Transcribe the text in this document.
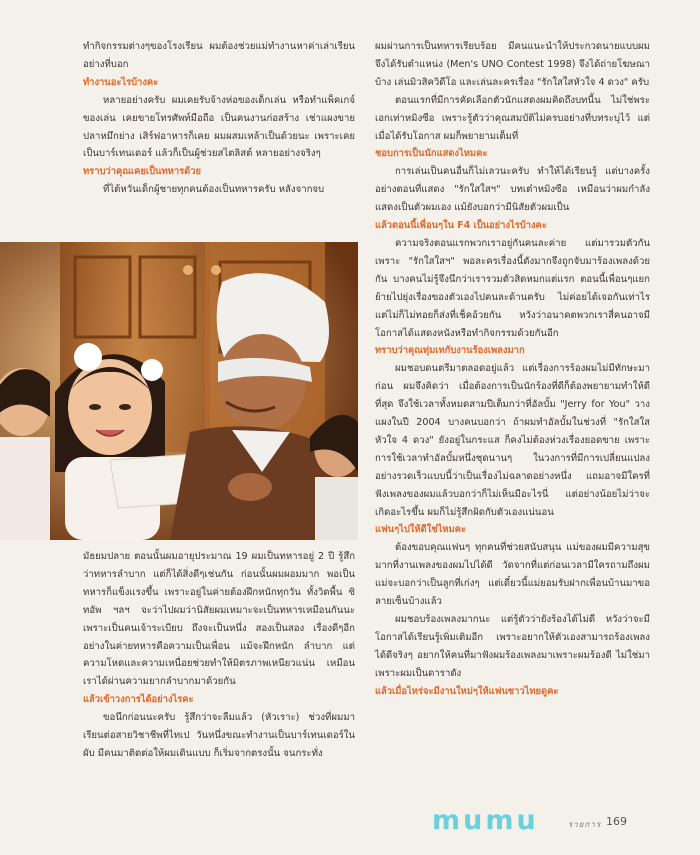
ทำกิจกรรมต่างๆของโรงเรียน ผมต้องช่วยแม่ทำงานหาค่าเล่าเรียนอย่างที่บอก

ทำงานอะไรบ้างคะ

หลายอย่างครับ ผมเคยรับจ้างห่อของเด็กเล่น หรือทำแพ็คเกจ์ของเล่น เคยขายโทรศัพท์มือถือ เป็นคนงานก่อสร้าง เช่าแผงขายปลาหมึกย่าง เสิร์ฟอาหารก็เคย ผมผสมเหล้าเป็นด้วยนะ เพราะเคยเป็นบาร์เทนเดอร์ แล้วก็เป็นผู้ช่วยสไตลิสต์ หลายอย่างจริงๆ

ทราบว่าคุณเคยเป็นทหารด้วย

ที่ไต้หวันเด็กผู้ชายทุกคนต้องเป็นทหารครับ หลังจากจบ

ผมผ่านการเป็นทหารเรียบร้อย มีคนแนะนำให้ประกวดนายแบบผมจึงได้รับตำแหน่ง (Men's UNO Contest 1998) จึงได้ถ่ายโฆษณาบ้าง เล่นมิวสิควิดีโอ และเล่นละครเรื่อง "รักใสใสหัวใจ 4 ดวง" ครับ

ตอนแรกที่มีการคัดเลือกตัวนักแสดงผมคิดถึงบทนี้น ไม่ใช่พระเอกเท่าหมิงซือ เพราะรู้ตัวว่าคุณสมบัติไม่ครบอย่างที่บทระบุไว้ แต่เมื่อได้รับโอกาส ผมก็พยายามเต็มที่

ชอบการเป็นนักแสดงไหมคะ

การเล่นเป็นคนอื่นก็ไม่เลวนะครับ ทำให้ได้เรียนรู้ แต่บางครั้งอย่างตอนที่แสดง "รักใสใสฯ" บทเต๋าหมิงซือ เหมือนว่าผมกำลังแสดงเป็นตัวผมเอง แม้ยังบอกว่ามีนิสัยตัวผมเป็น

แล้วตอนนี้เพื่อนๆใน F4 เป็นอย่างไรบ้างคะ

ความจริงตอนแรกพวกเราอยู่กันคนละค่าย แต่มารวมตัวกันเพราะ "รักใสใสฯ" พอละครเรื่องนี้ดังมากจึงถูกจับมาร้องเพลงด้วยกัน บางคนไม่รู้จึงนึกว่าเรารวมตัวสิดหมกแต่แรก ตอนนี้เพื่อนๆแยกย้ายไปยุ่งเรื่องของตัวเองไปคนละด้านครับ ไม่ค่อยได้เจอกันเท่าไร แต่ไม่ก็ไม่ทอยก็ส่งที่เช็คอ้วยกัน หวังว่าอนาคตพวกเราสี่คนอาจมีโอกาสได้แสดงหนังหรือทำกิจกรรมด้วยกันอีก

ทราบว่าคุณทุ่มเทกับงานร้องเพลงมาก

ผมชอบดนตรีมาตลอดอยู่แล้ว แต่เรื่องการร้องผมไม่มีทักษะมาก่อน ผมจึงคิดว่า เมื่อต้องการเป็นนักร้องที่ดีก็ต้องพยายามทำให้ดีที่สุด จึงใช้เวลาทั้งหมดสามปีเต็มกว่าที่อัลบั้ม "Jerry for You" วางแผงในปี 2004 บางคนบอกว่า ถ้าผมทำอัลบั้มในช่วงที่ "รักใสใสหัวใจ 4 ดวง" ยังอยู่ในกระแส ก็คงไม่ต้องห่วงเรื่องยอดขาย เพราะการใช้เวลาทำอัลบั้มหนึ่งชุดนานๆ ในวงการที่มีการเปลี่ยนแปลงอย่างรวดเร็วแบบนี้ว่าเป็นเรื่องไม่ฉลาดอย่างหนึ่ง แถมอาจมีใครที่ฟังเพลงของผมแล้วบอกว่าก็ไม่เห็นมีอะไรนี่ แต่อย่างน้อยไม่ว่าจะเกิดอะไรขึ้น ผมก็ไม่รู้สึกผิดกับตัวเองแน่นอน

แฟนๆไปให้ดีใช่ไหมคะ

ต้องขอบคุณแฟนๆ ทุกคนที่ช่วยสนับสนุน แม่ของผมมีความสุขมากที่งานเพลงของผมไปได้ดี วัดจากที่แต่ก่อนเวลามีใครถามถึงผม แม่จะบอกว่าเป็นลูกที่เก่งๆ แต่เดี๋ยวนี้แม่ยอมรับฝากเพื่อนบ้านมาขอลายเซ็นบ้างแล้ว

ผมชอบร้องเพลงมากนะ แต่รู้ตัวว่ายังร้องได้ไม่ดี หวังว่าจะมีโอกาสได้เรียนรู้เพิ่มเติมอีก เพราะอยากให้ตัวเองสามารถร้องเพลงได้ดีจริงๆ อยากให้คนที่มาฟังผมร้องเพลงมาเพราะผมร้องดี ไม่ใช่มาเพราะผมเป็นดาราดัง

แล้วเมื่อไหร่จะมีงานใหม่ๆให้แฟนชาวไทยดูคะ

มัธยมปลาย ตอนนั้นผมอายุประมาณ 19 ผมเป็นทหารอยู่ 2 ปี รู้สึกว่าทหารลำบาก แต่ก็ได้สิ่งดีๆเช่นกัน ก่อนนั้นผมผอมมาก พอเป็นทหารก็แข็งแรงขึ้น เพราะอยู่ในค่ายต้องฝึกหนักทุกวัน ทั้งวิดพื้น ซิทอัพ ฯลฯ จะว่าไปผมว่านิสัยผมเหมาะจะเป็นทหารเหมือนกันนะ เพราะเป็นคนเจ้าระเบียบ ถึงจะเป็นหนึ่ง สองเป็นสอง เรื่องดีๆอีกอย่างในค่ายทหารคือความเป็นเพื่อน แม้จะฝึกหนัก ลำบาก แต่ความโหดและความเหนื่อยช่วยทำให้มิตรภาพเหนียวแน่น เหมือนเราได้ผ่านความยากลำบากมาด้วยกัน

แล้วเข้าวงการได้อย่างไรคะ

ขอนึกก่อนนะครับ รู้สึกว่าจะลืมแล้ว (หัวเราะ) ช่วงที่ผมมาเรียนต่อสายวิชาชีพที่ไทเป วันหนึ่งขณะทำงานเป็นบาร์เทนเดอร์ในผับ มีคนมาติดต่อให้ผมเดินแบบ ก็เริ่มจากตรงนั้น จนกระทั่ง

mumu	รายการ 169
